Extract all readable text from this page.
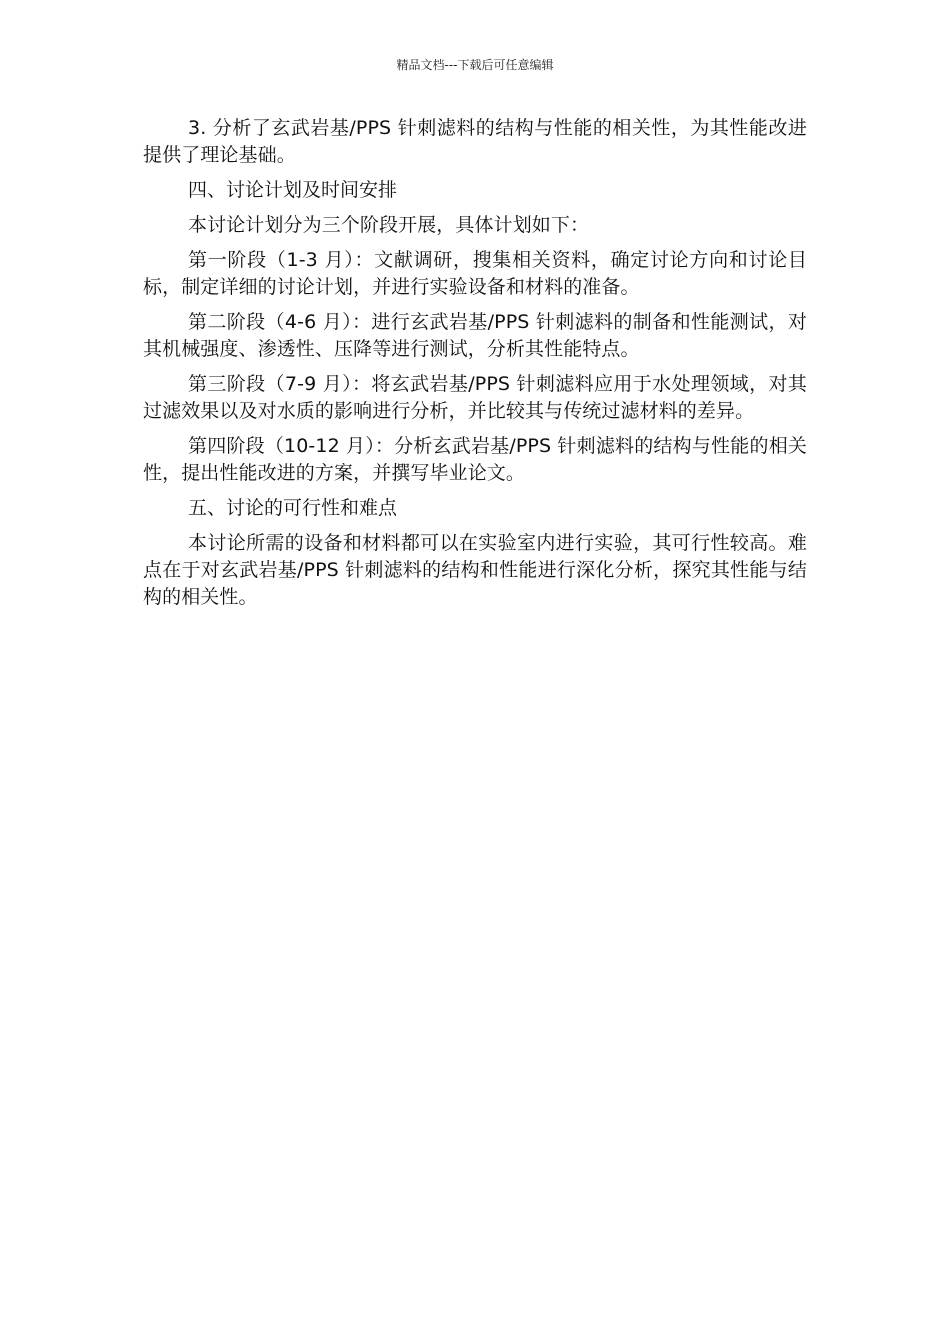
精品文档---下载后可任意编辑

3. 分析了玄武岩基/PPS 针刺滤料的结构与性能的相关性，为其性能改进提供了理论基础。

四、讨论计划及时间安排

本讨论计划分为三个阶段开展，具体计划如下：

第一阶段（1-3 月）：文献调研，搜集相关资料，确定讨论方向和讨论目标，制定详细的讨论计划，并进行实验设备和材料的准备。

第二阶段（4-6 月）：进行玄武岩基/PPS 针刺滤料的制备和性能测试，对其机械强度、渗透性、压降等进行测试，分析其性能特点。

第三阶段（7-9 月）：将玄武岩基/PPS 针刺滤料应用于水处理领域，对其过滤效果以及对水质的影响进行分析，并比较其与传统过滤材料的差异。

第四阶段（10-12 月）：分析玄武岩基/PPS 针刺滤料的结构与性能的相关性，提出性能改进的方案，并撰写毕业论文。

五、讨论的可行性和难点

本讨论所需的设备和材料都可以在实验室内进行实验，其可行性较高。难点在于对玄武岩基/PPS 针刺滤料的结构和性能进行深化分析，探究其性能与结构的相关性。
